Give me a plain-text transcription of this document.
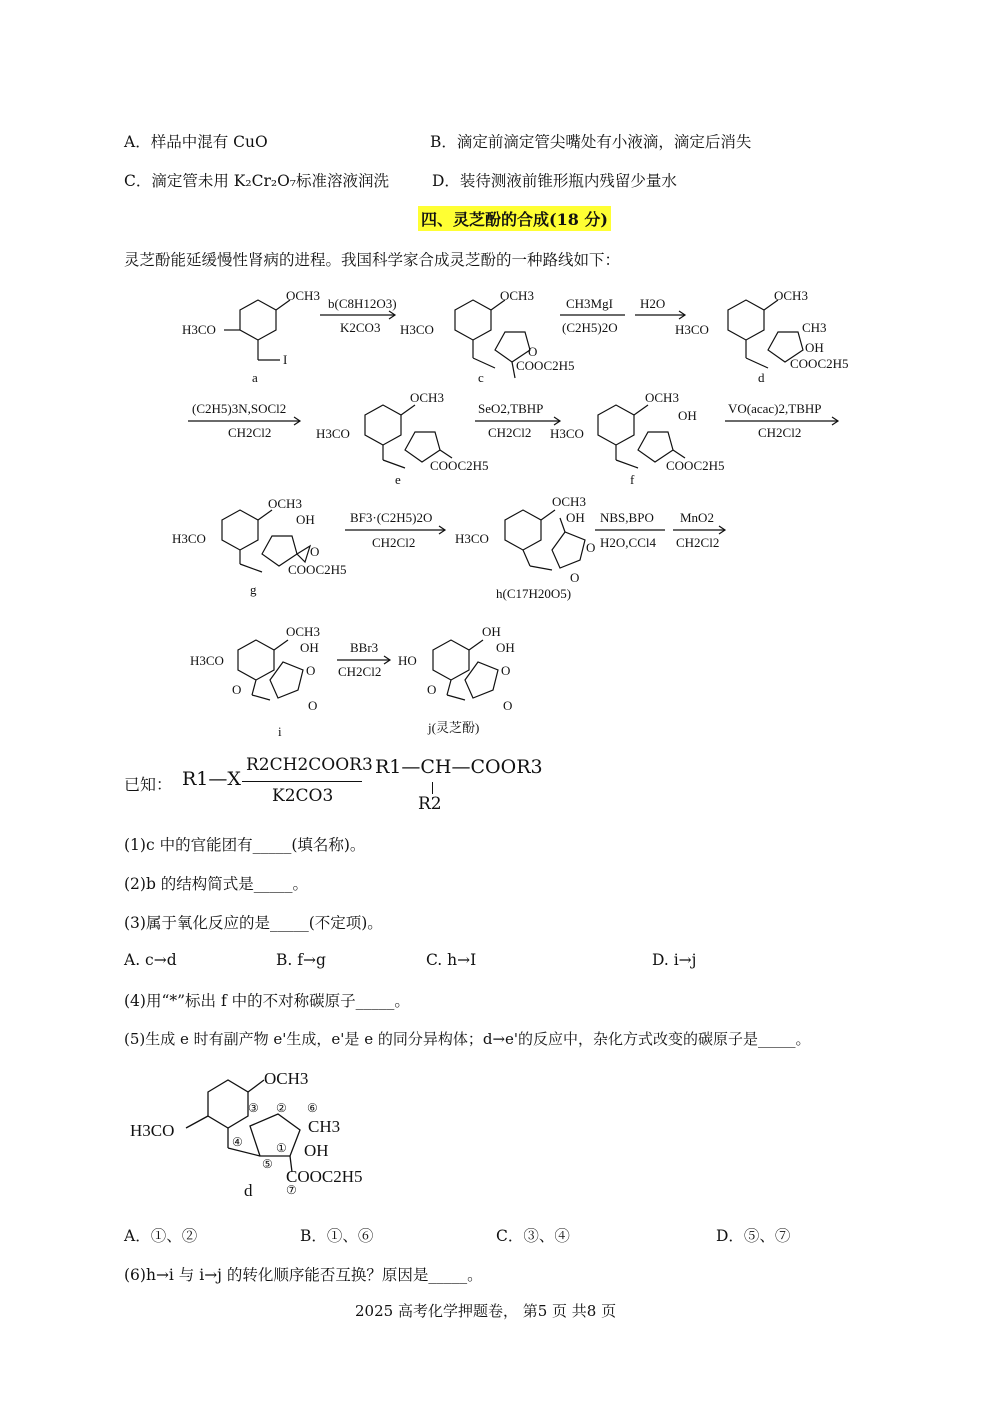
A．样品中混有 CuO	B．滴定前滴定管尖嘴处有小液滴，滴定后消失
C．滴定管未用 K₂Cr₂O₇标准溶液润洗	D．装待测液前锥形瓶内残留少量水
四、灵芝酚的合成(18 分)
灵芝酚能延缓慢性肾病的进程。我国科学家合成灵芝酚的一种路线如下：
OCH3
H3CO
I
a
b(C8H12O3)
K2CO3
OCH3
H3CO
O
COOC2H5
c
CH3MgI
(C2H5)2O
H2O
OCH3
H3CO	CH3
OH
COOC2H5
d
(C2H5)3N,SOCl2
CH2Cl2
OCH3
H3CO
COOC2H5
e
SeO2,TBHP
CH2Cl2
OCH3
OH
H3CO
COOC2H5
f
VO(acac)2,TBHP
CH2Cl2
OCH3
OH
H3CO
O
COOC2H5
g
BF3·(C2H5)2O
CH2Cl2
OCH3
OH
H3CO
O
O
h(C17H20O5)
NBS,BPO
H2O,CCl4
MnO2
CH2Cl2
OCH3
OH
H3CO
O
O
O
i
BBr3
CH2Cl2
OH
OH
HO
O
O
O
j(灵芝酚)
已知： R1—X
R2CH2COOR3
K2CO3
R1—CH—COOR3
R2
(1)c 中的官能团有_____(填名称)。
(2)b 的结构简式是_____。
(3)属于氧化反应的是_____(不定项)。
A. c→d	B. f→g	C. h→I	D. i→j
(4)用“*”标出 f 中的不对称碳原子_____。
(5)生成 e 时有副产物 e'生成，e'是 e 的同分异构体；d→e'的反应中，杂化方式改变的碳原子是_____。
OCH3
H3CO	CH3
OH
COOC2H5
d
①
②
③
④
⑤
⑥
⑦
A．①、②	B．①、⑥	C．③、④	D．⑤、⑦
(6)h→i 与 i→j 的转化顺序能否互换？原因是_____。
2025 高考化学押题卷， 第5 页 共8 页
